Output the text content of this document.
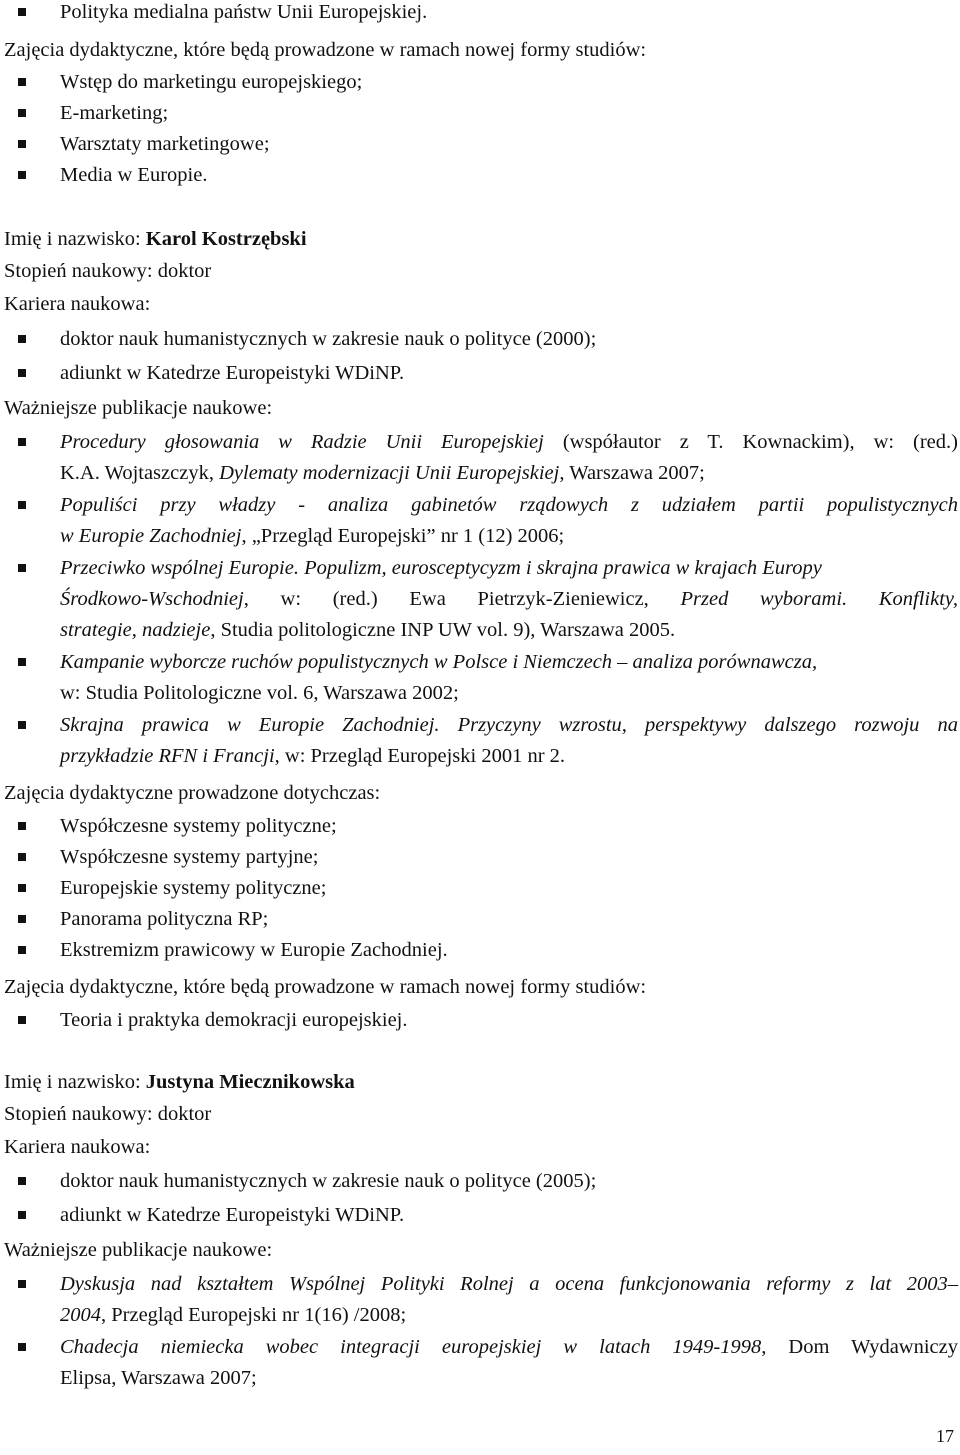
Polityka medialna państw Unii Europejskiej.
Zajęcia dydaktyczne, które będą prowadzone w ramach nowej formy studiów:
Wstęp do marketingu europejskiego;
E-marketing;
Warsztaty marketingowe;
Media w Europie.
Imię i nazwisko: Karol Kostrzębski
Stopień naukowy: doktor
Kariera naukowa:
doktor nauk humanistycznych w zakresie nauk o polityce (2000);
adiunkt w Katedrze Europeistyki WDiNP.
Ważniejsze publikacje naukowe:
Procedury głosowania w Radzie Unii Europejskiej (współautor z T. Kownackim), w: (red.)
K.A. Wojtaszczyk, Dylematy modernizacji Unii Europejskiej, Warszawa 2007;
Populiści przy władzy - analiza gabinetów rządowych z udziałem partii populistycznych
w Europie Zachodniej, „Przegląd Europejski” nr 1 (12) 2006;
Przeciwko wspólnej Europie. Populizm, eurosceptycyzm i skrajna prawica w krajach Europy
Środkowo-Wschodniej, w: (red.) Ewa Pietrzyk-Zieniewicz, Przed wyborami. Konflikty,
strategie, nadzieje, Studia politologiczne INP UW vol. 9), Warszawa 2005.
Kampanie wyborcze ruchów populistycznych w Polsce i Niemczech – analiza porównawcza,
w: Studia Politologiczne vol. 6, Warszawa 2002;
Skrajna prawica w Europie Zachodniej. Przyczyny wzrostu, perspektywy dalszego rozwoju na
przykładzie RFN i Francji, w: Przegląd Europejski 2001 nr 2.
Zajęcia dydaktyczne prowadzone dotychczas:
Współczesne systemy polityczne;
Współczesne systemy partyjne;
Europejskie systemy polityczne;
Panorama polityczna RP;
Ekstremizm prawicowy w Europie Zachodniej.
Zajęcia dydaktyczne, które będą prowadzone w ramach nowej formy studiów:
Teoria i praktyka demokracji europejskiej.
Imię i nazwisko: Justyna Miecznikowska
Stopień naukowy: doktor
Kariera naukowa:
doktor nauk humanistycznych w zakresie nauk o polityce (2005);
adiunkt w Katedrze Europeistyki WDiNP.
Ważniejsze publikacje naukowe:
Dyskusja nad kształtem Wspólnej Polityki Rolnej a ocena funkcjonowania reformy z lat 2003–
2004, Przegląd Europejski nr 1(16) /2008;
Chadecja niemiecka wobec integracji europejskiej w latach 1949-1998, Dom Wydawniczy
Elipsa, Warszawa 2007;
17
